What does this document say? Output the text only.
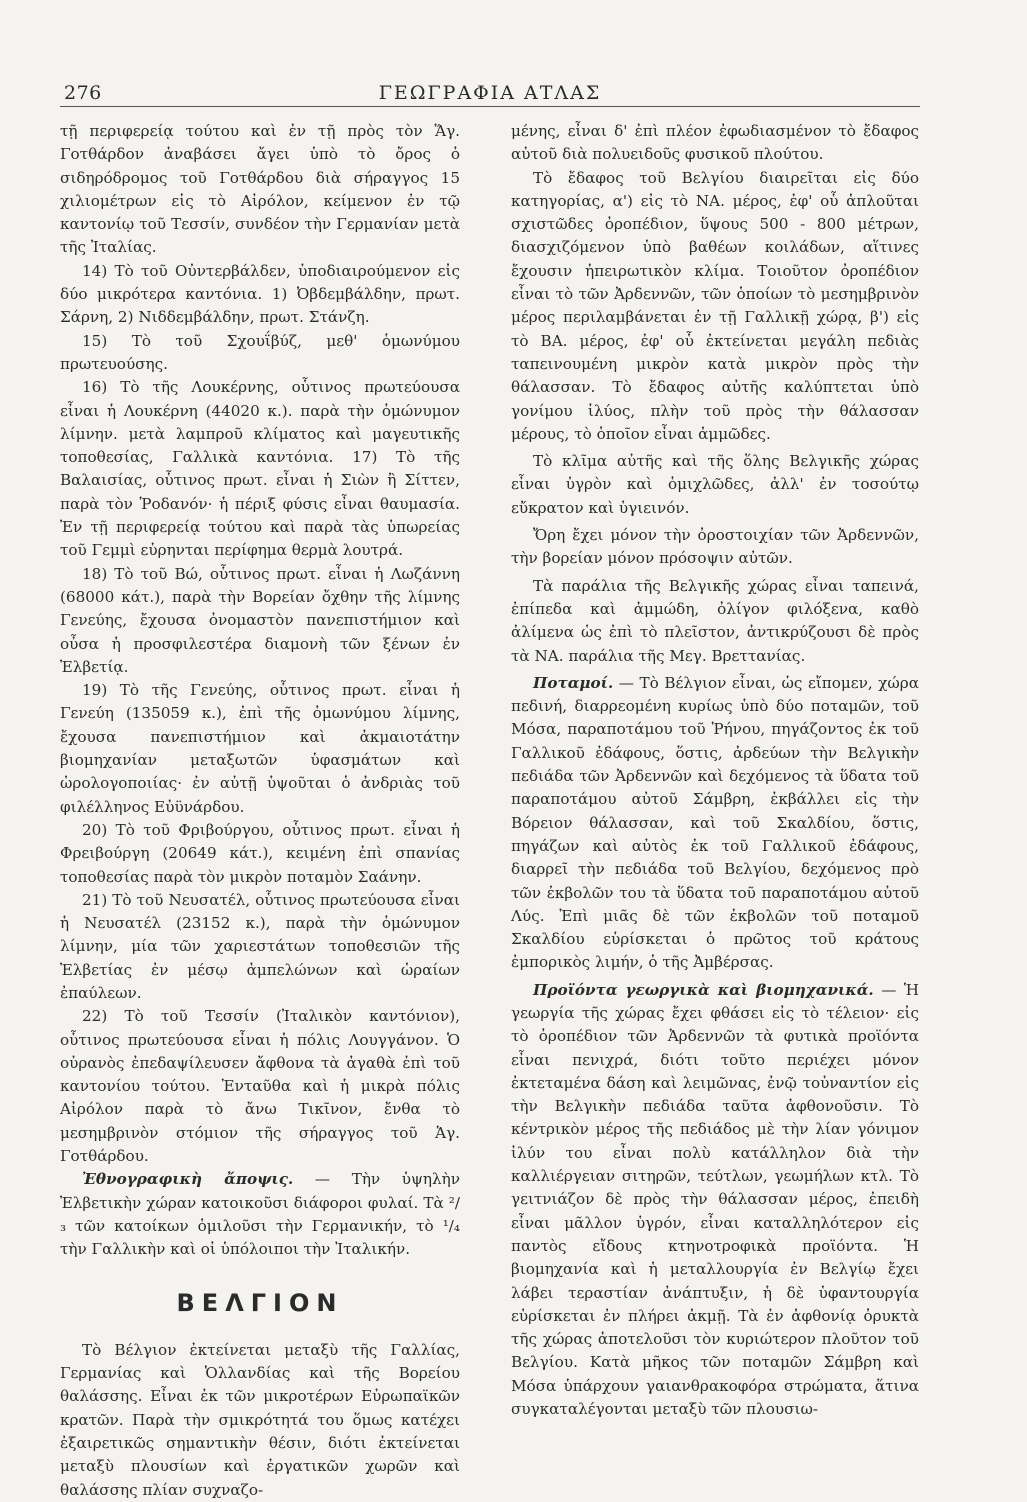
276	ΓΕΩΓΡΑΦΙΑ ΑΤΛΑΣ

τῇ περιφερείᾳ τούτου καὶ ἐν τῇ πρὸς τὸν Ἅγ. Γοτθάρδον ἀναβάσει ἄγει ὑπὸ τὸ ὄρος ὁ σιδηρόδρομος τοῦ Γοτθάρδου διὰ σήραγγος 15 χιλιομέτρων εἰς τὸ Αἰρόλον, κείμενον ἐν τῷ καντονίῳ τοῦ Τεσσίν, συνδέον τὴν Γερμανίαν μετὰ τῆς Ἰταλίας.

14) Τὸ τοῦ Οὐντερβάλδεν, ὑποδιαιρούμενον εἰς δύο μικρότερα καντόνια. 1) Ὀβδεμβάλδην, πρωτ. Σάρνη, 2) Νιδδεμβάλδην, πρωτ. Στάνζη.

15) Τὸ τοῦ Σχουΐβύζ, μεθ' ὁμωνύμου πρωτευούσης.

16) Τὸ τῆς Λουκέρνης, οὗτινος πρωτεύουσα εἶναι ἡ Λουκέρνη (44020 κ.). παρὰ τὴν ὁμώνυμον λίμνην. μετὰ λαμπροῦ κλίματος καὶ μαγευτικῆς τοποθεσίας, Γαλλικὰ καντόνια. 17) Τὸ τῆς Βαλαισίας, οὗτινος πρωτ. εἶναι ἡ Σιὼν ἢ Σίττεν, παρὰ τὸν Ῥοδανόν· ἡ πέριξ φύσις εἶναι θαυμασία. Ἐν τῇ περιφερείᾳ τούτου καὶ παρὰ τὰς ὑπωρείας τοῦ Γεμμὶ εὑρηνται περίφημα θερμὰ λουτρά.

18) Τὸ τοῦ Βώ, οὗτινος πρωτ. εἶναι ἡ Λωζάννη (68000 κάτ.), παρὰ τὴν Βορείαν ὄχθην τῆς λίμνης Γενεύης, ἔχουσα ὀνομαστὸν πανεπιστήμιον καὶ οὖσα ἡ προσφιλεστέρα διαμονὴ τῶν ξένων ἐν Ἑλβετίᾳ.

19) Τὸ τῆς Γενεύης, οὗτινος πρωτ. εἶναι ἡ Γενεύη (135059 κ.), ἐπὶ τῆς ὁμωνύμου λίμνης, ἔχουσα πανεπιστήμιον καὶ ἀκμαιοτάτην βιομηχανίαν μεταξωτῶν ὑφασμάτων καὶ ὡρολογοποιίας· ἐν αὐτῇ ὑψοῦται ὁ ἀνδριὰς τοῦ φιλέλληνος Εὐϋνάρδου.

20) Τὸ τοῦ Φριβούργου, οὗτινος πρωτ. εἶναι ἡ Φρειβούργη (20649 κάτ.), κειμένη ἐπὶ σπανίας τοποθεσίας παρὰ τὸν μικρὸν ποταμὸν Σαάνην.

21) Τὸ τοῦ Νευσατέλ, οὗτινος πρωτεύουσα εἶναι ἡ Νευσατέλ (23152 κ.), παρὰ τὴν ὁμώνυμον λίμνην, μία τῶν χαριεστάτων τοποθεσιῶν τῆς Ἑλβετίας ἐν μέσῳ ἀμπελώνων καὶ ὡραίων ἐπαύλεων.

22) Τὸ τοῦ Τεσσίν (Ἰταλικὸν καντόνιον), οὗτινος πρωτεύουσα εἶναι ἡ πόλις Λουγγάνον. Ὁ οὐρανὸς ἐπεδαψίλευσεν ἄφθονα τὰ ἀγαθὰ ἐπὶ τοῦ καντονίου τούτου. Ἐνταῦθα καὶ ἡ μικρὰ πόλις Αἰρόλον παρὰ τὸ ἄνω Τικῖνον, ἔνθα τὸ μεσημβρινὸν στόμιον τῆς σήραγγος τοῦ Ἁγ. Γοτθάρδου.

Ἐθνογραφικὴ ἄποψις. — Τὴν ὑψηλὴν Ἑλβετικὴν χώραν κατοικοῦσι διάφοροι φυλαί. Τὰ ²/₃ τῶν κατοίκων ὁμιλοῦσι τὴν Γερμανικήν, τὸ ¹/₄ τὴν Γαλλικὴν καὶ οἱ ὑπόλοιποι τὴν Ἰταλικήν.

ΒΕΛΓΙΟΝ

Τὸ Βέλγιον ἐκτείνεται μεταξὺ τῆς Γαλλίας, Γερμανίας καὶ Ὁλλανδίας καὶ τῆς Βορείου θαλάσσης. Εἶναι ἐκ τῶν μικροτέρων Εὐρωπαϊκῶν κρατῶν. Παρὰ τὴν σμικρότητά του ὅμως κατέχει ἐξαιρετικῶς σημαντικὴν θέσιν, διότι ἐκτείνεται μεταξὺ πλουσίων καὶ ἐργατικῶν χωρῶν καὶ θαλάσσης πλίαν συχναζο-

μένης, εἶναι δ' ἐπὶ πλέον ἐφωδιασμένον τὸ ἔδαφος αὐτοῦ διὰ πολυειδοῦς φυσικοῦ πλούτου.

Τὸ ἔδαφος τοῦ Βελγίου διαιρεῖται εἰς δύο κατηγορίας, α') εἰς τὸ ΝΑ. μέρος, ἐφ' οὗ ἁπλοῦται σχιστῶδες ὀροπέδιον, ὕψους 500 - 800 μέτρων, διασχιζόμενον ὑπὸ βαθέων κοιλάδων, αἵτινες ἔχουσιν ἠπειρωτικὸν κλίμα. Τοιοῦτον ὀροπέδιον εἶναι τὸ τῶν Ἀρδεννῶν, τῶν ὁποίων τὸ μεσημβρινὸν μέρος περιλαμβάνεται ἐν τῇ Γαλλικῇ χώρᾳ, β') εἰς τὸ ΒΑ. μέρος, ἐφ' οὗ ἐκτείνεται μεγάλη πεδιὰς ταπεινουμένη μικρὸν κατὰ μικρὸν πρὸς τὴν θάλασσαν. Τὸ ἔδαφος αὐτῆς καλύπτεται ὑπὸ γονίμου ἰλύος, πλὴν τοῦ πρὸς τὴν θάλασσαν μέρους, τὸ ὁποῖον εἶναι ἀμμῶδες.

Τὸ κλῖμα αὐτῆς καὶ τῆς ὅλης Βελγικῆς χώρας εἶναι ὑγρὸν καὶ ὁμιχλῶδες, ἀλλ' ἐν τοσούτῳ εὔκρατον καὶ ὑγιεινόν.

Ὄρη ἔχει μόνον τὴν ὀροστοιχίαν τῶν Ἀρδεννῶν, τὴν βορείαν μόνον πρόσοψιν αὐτῶν.

Τὰ παράλια τῆς Βελγικῆς χώρας εἶναι ταπεινά, ἐπίπεδα καὶ ἀμμώδη, ὀλίγον φιλόξενα, καθὸ ἀλίμενα ὡς ἐπὶ τὸ πλεῖστον, ἀντικρύζουσι δὲ πρὸς τὰ ΝΑ. παράλια τῆς Μεγ. Βρεττανίας.

Ποταμοί. — Τὸ Βέλγιον εἶναι, ὡς εἴπομεν, χώρα πεδινή, διαρρεομένη κυρίως ὑπὸ δύο ποταμῶν, τοῦ Μόσα, παραποτάμου τοῦ Ῥήνου, πηγάζοντος ἐκ τοῦ Γαλλικοῦ ἐδάφους, ὅστις, ἀρδεύων τὴν Βελγικὴν πεδιάδα τῶν Ἀρδεννῶν καὶ δεχόμενος τὰ ὕδατα τοῦ παραποτάμου αὐτοῦ Σάμβρη, ἐκβάλλει εἰς τὴν Βόρειον θάλασσαν, καὶ τοῦ Σκαλδίου, ὅστις, πηγάζων καὶ αὐτὸς ἐκ τοῦ Γαλλικοῦ ἐδάφους, διαρρεῖ τὴν πεδιάδα τοῦ Βελγίου, δεχόμενος πρὸ τῶν ἐκβολῶν του τὰ ὕδατα τοῦ παραποτάμου αὐτοῦ Λύς. Ἐπὶ μιᾶς δὲ τῶν ἐκβολῶν τοῦ ποταμοῦ Σκαλδίου εὑρίσκεται ὁ πρῶτος τοῦ κράτους ἐμπορικὸς λιμήν, ὁ τῆς Ἀμβέρσας.

Προϊόντα γεωργικὰ καὶ βιομηχανικά. — Ἡ γεωργία τῆς χώρας ἔχει φθάσει εἰς τὸ τέλειον· εἰς τὸ ὀροπέδιον τῶν Ἀρδεννῶν τὰ φυτικὰ προϊόντα εἶναι πενιχρά, διότι τοῦτο περιέχει μόνον ἐκτεταμένα δάση καὶ λειμῶνας, ἐνῷ τοὐναντίον εἰς τὴν Βελγικὴν πεδιάδα ταῦτα ἀφθονοῦσιν. Τὸ κέντρικὸν μέρος τῆς πεδιάδος μὲ τὴν λίαν γόνιμον ἰλύν του εἶναι πολὺ κατάλληλον διὰ τὴν καλλιέργειαν σιτηρῶν, τεύτλων, γεωμήλων κτλ. Τὸ γειτνιάζον δὲ πρὸς τὴν θάλασσαν μέρος, ἐπειδὴ εἶναι μᾶλλον ὑγρόν, εἶναι καταλληλότερον εἰς παντὸς εἴδους κτηνοτροφικὰ προϊόντα. Ἡ βιομηχανία καὶ ἡ μεταλλουργία ἐν Βελγίῳ ἔχει λάβει τεραστίαν ἀνάπτυξιν, ἡ δὲ ὑφαντουργία εὑρίσκεται ἐν πλήρει ἀκμῇ. Τὰ ἐν ἀφθονίᾳ ὀρυκτὰ τῆς χώρας ἀποτελοῦσι τὸν κυριώτερον πλοῦτον τοῦ Βελγίου. Κατὰ μῆκος τῶν ποταμῶν Σάμβρη καὶ Μόσα ὑπάρχουν γαιανθρακοφόρα στρώματα, ἅτινα συγκαταλέγονται μεταξὺ τῶν πλουσιω-
